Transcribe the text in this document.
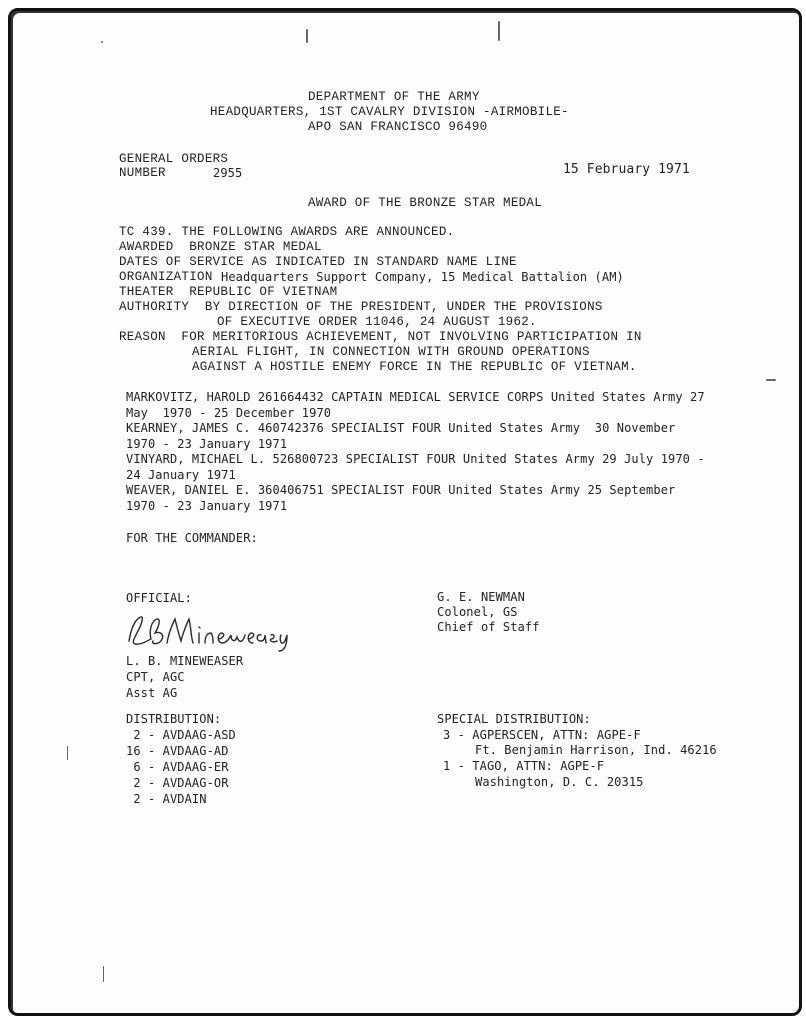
DEPARTMENT OF THE ARMY
HEADQUARTERS, 1ST CAVALRY DIVISION -AIRMOBILE-
APO SAN FRANCISCO 96490
GENERAL ORDERS
NUMBER	2955	15 February 1971
AWARD OF THE BRONZE STAR MEDAL
TC 439. THE FOLLOWING AWARDS ARE ANNOUNCED.
AWARDED  BRONZE STAR MEDAL
DATES OF SERVICE AS INDICATED IN STANDARD NAME LINE
ORGANIZATION Headquarters Support Company, 15 Medical Battalion (AM)
THEATER  REPUBLIC OF VIETNAM
AUTHORITY  BY DIRECTION OF THE PRESIDENT, UNDER THE PROVISIONS
OF EXECUTIVE ORDER 11046, 24 AUGUST 1962.
REASON  FOR MERITORIOUS ACHIEVEMENT, NOT INVOLVING PARTICIPATION IN
AERIAL FLIGHT, IN CONNECTION WITH GROUND OPERATIONS
AGAINST A HOSTILE ENEMY FORCE IN THE REPUBLIC OF VIETNAM.
MARKOVITZ, HAROLD 261664432 CAPTAIN MEDICAL SERVICE CORPS United States Army 27
May  1970 - 25 December 1970
KEARNEY, JAMES C. 460742376 SPECIALIST FOUR United States Army  30 November
1970 - 23 January 1971
VINYARD, MICHAEL L. 526800723 SPECIALIST FOUR United States Army 29 July 1970 -
24 January 1971
WEAVER, DANIEL E. 360406751 SPECIALIST FOUR United States Army 25 September
1970 - 23 January 1971
FOR THE COMMANDER:
OFFICIAL:
L. B. MINEWEASER
CPT, AGC
Asst AG
G. E. NEWMAN
Colonel, GS
Chief of Staff
DISTRIBUTION:
2 - AVDAAG-ASD
16 - AVDAAG-AD
6 - AVDAAG-ER
2 - AVDAAG-OR
2 - AVDAIN
SPECIAL DISTRIBUTION:
3 - AGPERSCEN, ATTN: AGPE-F
Ft. Benjamin Harrison, Ind. 46216
1 - TAGO, ATTN: AGPE-F
Washington, D. C. 20315
